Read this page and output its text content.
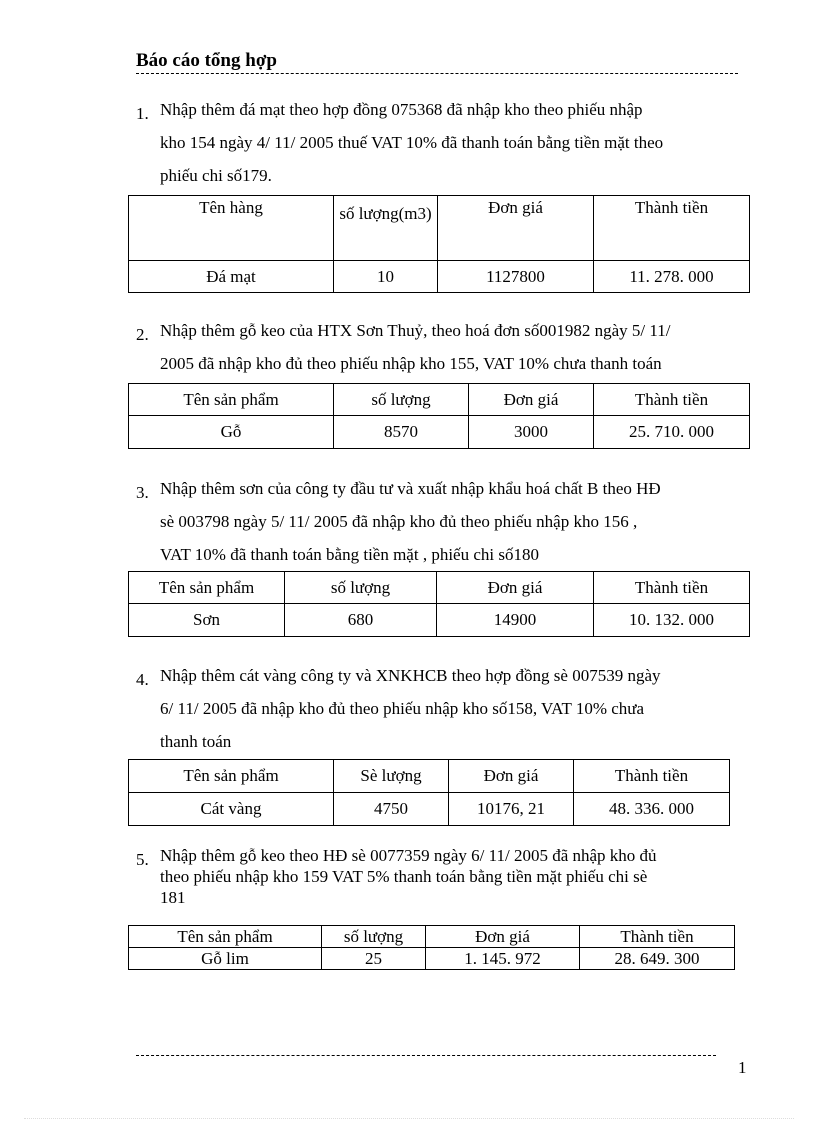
Báo cáo tổng hợp
1. Nhập thêm đá mạt theo hợp đồng 075368 đã nhập kho theo phiếu nhập
kho 154 ngày 4/ 11/ 2005 thuế VAT 10% đã thanh toán bằng tiền mặt theo
phiếu chi số179.
Tên hàng	số lượng(m3)	Đơn giá	Thành tiền
Đá mạt	10	1127800	11. 278. 000
2. Nhập thêm gỗ keo của HTX Sơn Thuỷ, theo hoá đơn số001982 ngày 5/ 11/
2005 đã nhập kho đủ theo phiếu nhập kho 155, VAT 10% chưa thanh toán
Tên sản phẩm	số lượng	Đơn giá	Thành tiền
Gỗ	8570	3000	25. 710. 000
3. Nhập thêm sơn của công ty đầu tư và xuất nhập khẩu hoá chất B theo HĐ
sè 003798 ngày 5/ 11/ 2005 đã nhập kho đủ theo phiếu nhập kho 156 ,
VAT 10% đã thanh toán bằng tiền mặt , phiếu chi số180
Tên sản phẩm	số lượng	Đơn giá	Thành tiền
Sơn	680	14900	10. 132. 000
4. Nhập thêm cát vàng công ty và XNKHCB theo hợp đồng sè 007539 ngày
6/ 11/ 2005 đã nhập kho đủ theo phiếu nhập kho số158, VAT 10% chưa
thanh toán
Tên sản phẩm	Sè lượng	Đơn giá	Thành tiền
Cát vàng	4750	10176, 21	48. 336. 000
5. Nhập thêm gỗ keo theo HĐ sè 0077359 ngày 6/ 11/ 2005 đã nhập kho đủ
theo phiếu nhập kho 159 VAT 5% thanh toán bằng tiền mặt phiếu chi sè
181
Tên sản phẩm	số lượng	Đơn giá	Thành tiền
Gỗ lim	25	1. 145. 972	28. 649. 300
1
